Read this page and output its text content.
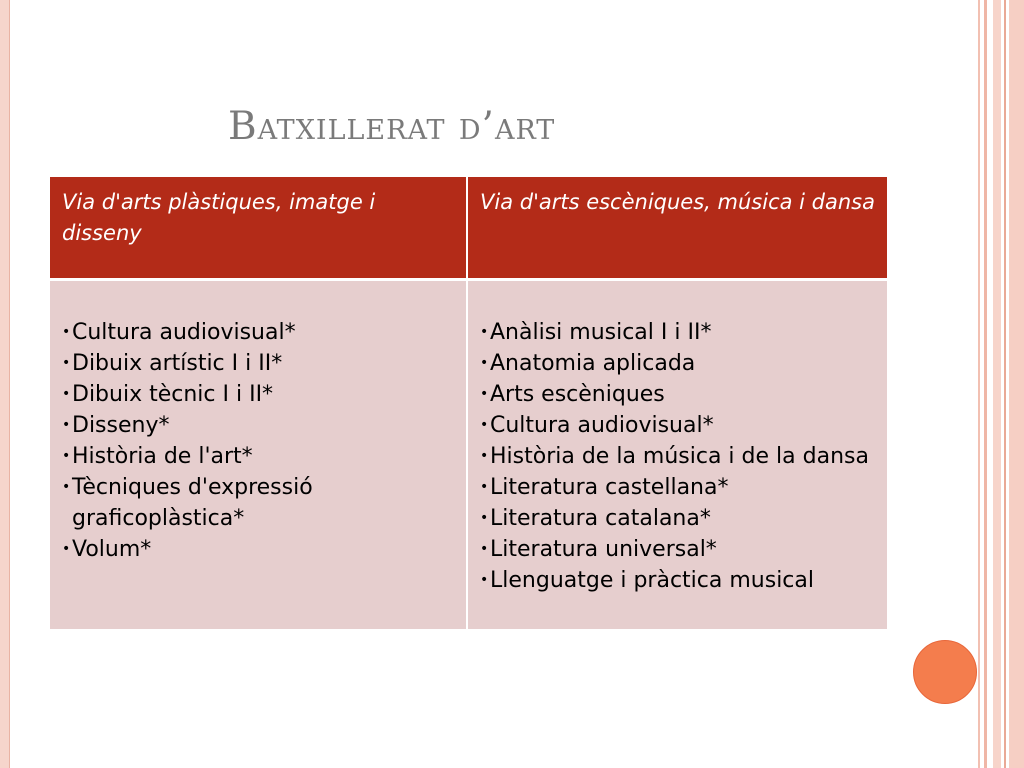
Batxillerat d’art
Via d'arts plàstiques, imatge i disseny
Via d'arts escèniques, música i dansa
• Cultura audiovisual*
• Dibuix artístic I i II*
• Dibuix tècnic I i II*
• Disseny*
• Història de l'art*
• Tècniques d'expressió graficoplàstica*
• Volum*
• Anàlisi musical I i II*
• Anatomia aplicada
• Arts escèniques
• Cultura audiovisual*
• Història de la música i de la dansa
• Literatura castellana*
• Literatura catalana*
• Literatura universal*
• Llenguatge i pràctica musical
